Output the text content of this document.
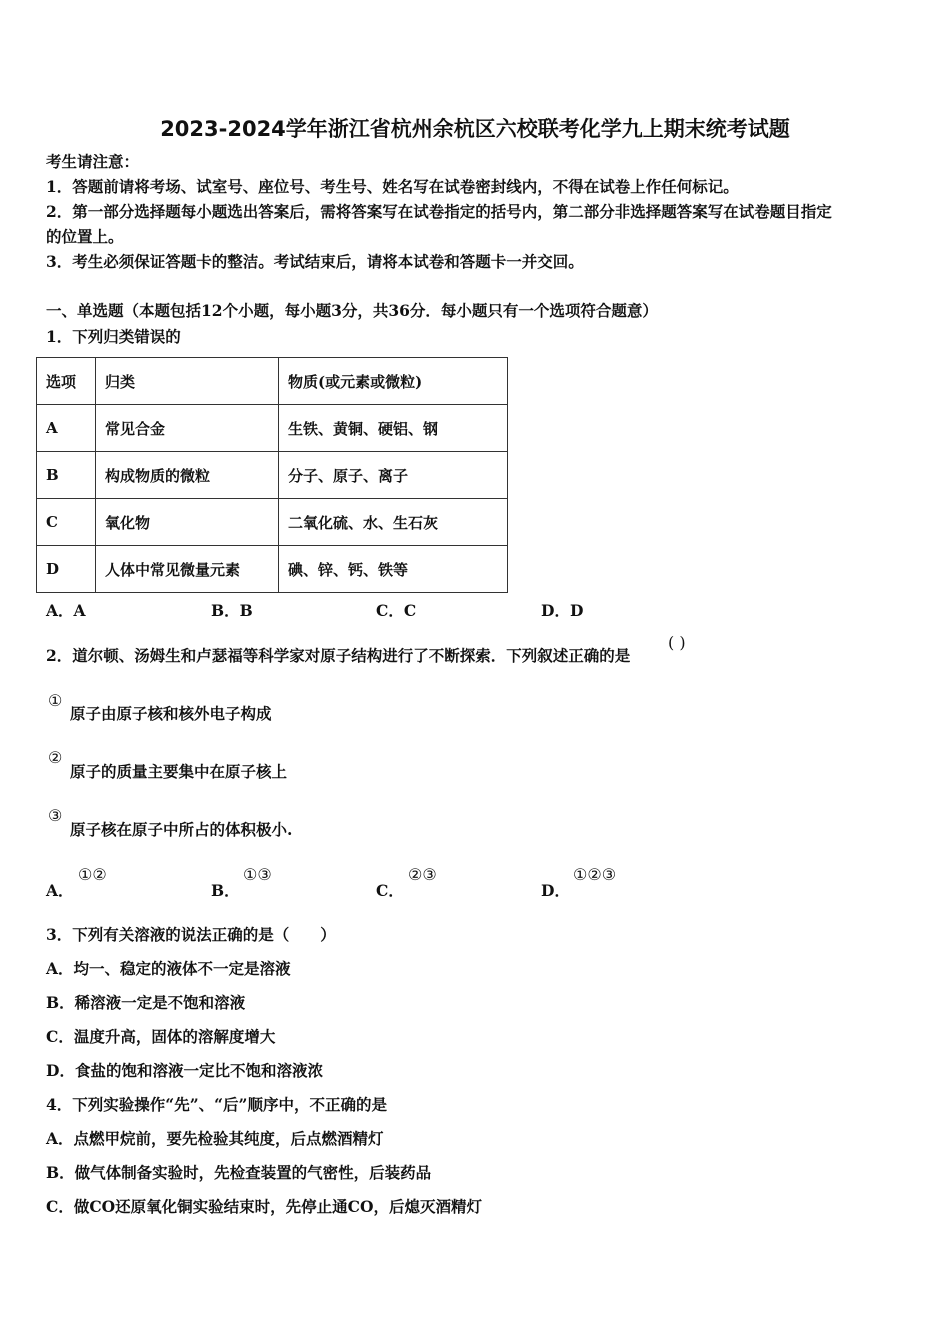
2023-2024学年浙江省杭州余杭区六校联考化学九上期末统考试题
考生请注意：
1．答题前请将考场、试室号、座位号、考生号、姓名写在试卷密封线内，不得在试卷上作任何标记。
2．第一部分选择题每小题选出答案后，需将答案写在试卷指定的括号内，第二部分非选择题答案写在试卷题目指定
的位置上。
3．考生必须保证答题卡的整洁。考试结束后，请将本试卷和答题卡一并交回。
一、单选题（本题包括12个小题，每小题3分，共36分．每小题只有一个选项符合题意）
1．下列归类错误的
选项	归类	物质(或元素或微粒)
A	常见合金	生铁、黄铜、硬铝、钢
B	构成物质的微粒	分子、原子、离子
C	氧化物	二氧化硫、水、生石灰
D	人体中常见微量元素	碘、锌、钙、铁等
A．A	B．B	C．C	D．D
2．道尔顿、汤姆生和卢瑟福等科学家对原子结构进行了不断探索．下列叙述正确的是
( )
①
原子由原子核和核外电子构成
②
原子的质量主要集中在原子核上
③
原子核在原子中所占的体积极小.
A．
①②
B．
①③
C．
②③
D．
①②③
3．下列有关溶液的说法正确的是（　　）
A．均一、稳定的液体不一定是溶液
B．稀溶液一定是不饱和溶液
C．温度升高，固体的溶解度增大
D．食盐的饱和溶液一定比不饱和溶液浓
4．下列实验操作“先”、“后”顺序中，不正确的是
A．点燃甲烷前，要先检验其纯度，后点燃酒精灯
B．做气体制备实验时，先检查装置的气密性，后装药品
C．做CO还原氧化铜实验结束时，先停止通CO，后熄灭酒精灯
